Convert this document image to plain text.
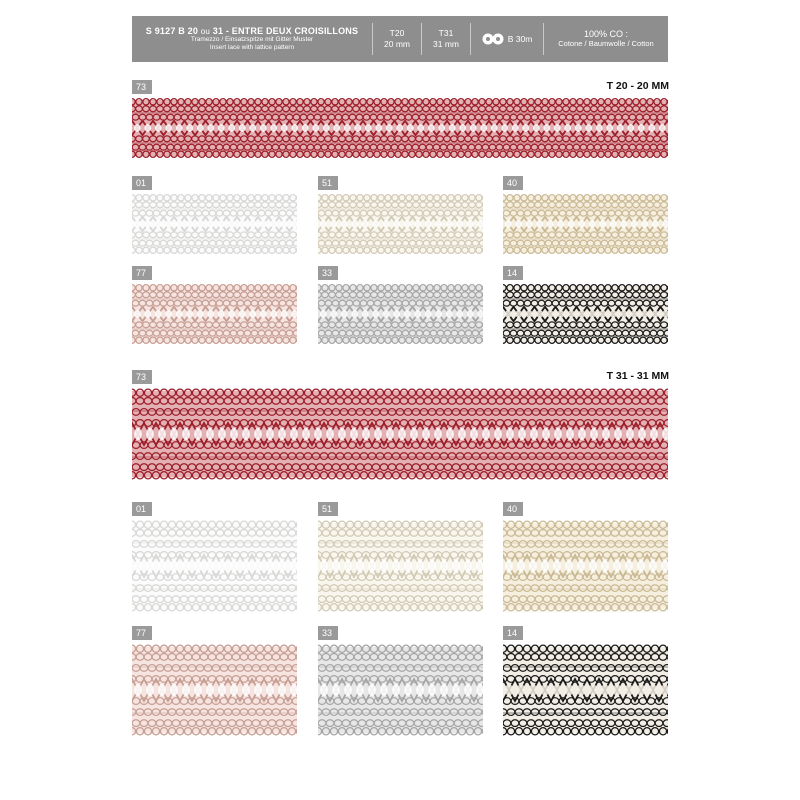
S 9127 B 20 ou 31 - ENTRE DEUX CROISILLONS
Tramezzo / Einsatzspitze mit Gitter Muster
Insert lace with lattice pattern
T20
20 mm
T31
31 mm	B 30m	100% CO :
Cotone / Baumwolle / Cotton
73	T 20 - 20 MM
01	51	40
77	33	14
73	T 31 - 31 MM
01	51	40
77	33	14
